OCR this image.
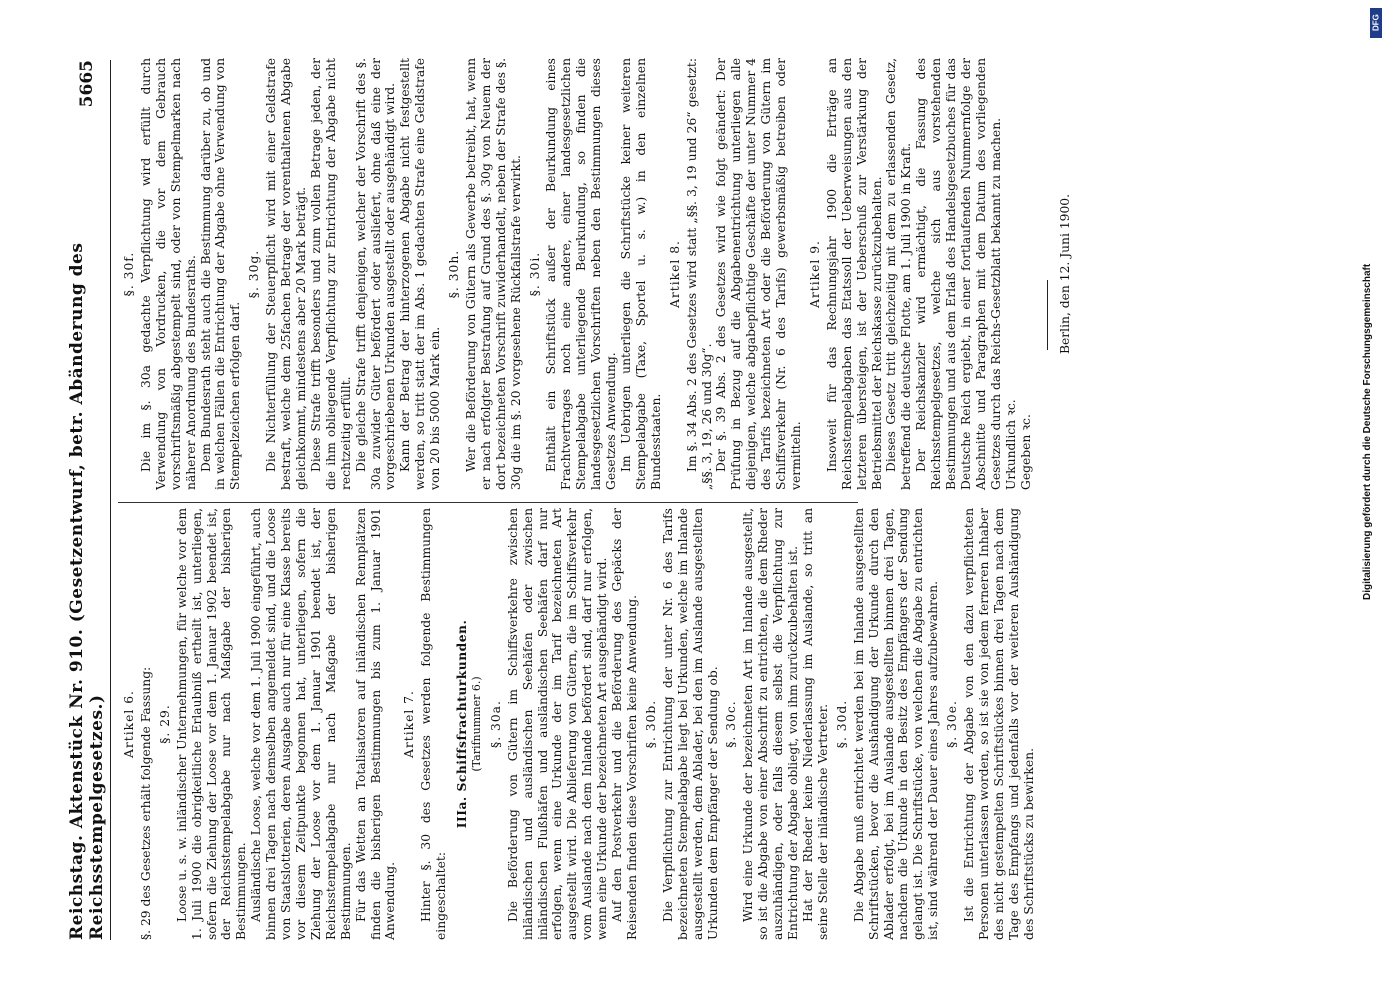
Reichstag. Aktenstück Nr. 910. (Gesetzentwurf, betr. Abänderung des Reichsstempelgesetzes.)
5665

Artikel 6. §. 29 des Gesetzes erhält folgende Fassung: §. 29. Loose u. s. w. inländischer Unternehmungen, für welche vor dem 1. Juli 1900 die obrigkeitliche Erlaubniß ertheilt ist, unterliegen, sofern die Ziehung der Loose vor dem 1. Januar 1902 beendet ist, der Reichsstempelabgabe nur nach Maßgabe der bisherigen Bestimmungen. Ausländische Loose, welche vor dem 1. Juli 1900 eingeführt, auch binnen drei Tagen nach demselben angemeldet sind, und die Loose von Staatslotterien, deren Ausgabe auch nur für eine Klasse bereits vor diesem Zeitpunkte begonnen hat, unterliegen, sofern die Ziehung der Loose vor dem 1. Januar 1901 beendet ist, der Reichsstempelabgabe nur nach Maßgabe der bisherigen Bestimmungen. Für das Wetten an Totalisatoren auf inländischen Rennplätzen finden die bisherigen Bestimmungen bis zum 1. Januar 1901 Anwendung.

Artikel 7. Hinter §. 30 des Gesetzes werden folgende Bestimmungen eingeschaltet:

IIIa. Schiffsfrachturkunden. (Tarifnummer 6.) §. 30a. Die Beförderung von Gütern im Schiffsverkehre zwischen inländischen und ausländischen Seehäfen oder zwischen inländischen Flußhäfen und ausländischen Seehäfen darf nur erfolgen, wenn eine Urkunde der im Tarif bezeichneten Art ausgestellt wird. Die Ablieferung von Gütern, die im Schiffsverkehr vom Auslande nach dem Inlande befördert sind, darf nur erfolgen, wenn eine Urkunde der bezeichneten Art ausgehändigt wird. Auf den Postverkehr und die Beförderung des Gepäcks der Reisenden finden diese Vorschriften keine Anwendung. §. 30b. Die Verpflichtung zur Entrichtung der unter Nr. 6 des Tarifs bezeichneten Stempelabgabe liegt bei Urkunden, welche im Inlande ausgestellt werden, dem Ablader, bei den im Auslande ausgestellten Urkunden dem Empfänger der Sendung ob. §. 30c. Wird eine Urkunde der bezeichneten Art im Inlande ausgestellt, so ist die Abgabe von einer Abschrift zu entrichten, die dem Rheder auszuhändigen, oder falls diesem selbst die Verpflichtung zur Entrichtung der Abgabe obliegt, von ihm zurückzubehalten ist. Hat der Rheder keine Niederlassung im Auslande, so tritt an seine Stelle der inländische Vertreter. §. 30d. Die Abgabe muß entrichtet werden bei im Inlande ausgestellten Schriftstücken, bevor die Aushändigung der Urkunde durch den Ablader erfolgt, bei im Auslande ausgestellten binnen drei Tagen, nachdem die Urkunde in den Besitz des Empfängers der Sendung gelangt ist. Die Schriftstücke, von welchen die Abgabe zu entrichten ist, sind während der Dauer eines Jahres aufzubewahren. §. 30e. Ist die Entrichtung der Abgabe von den dazu verpflichteten Personen unterlassen worden, so ist sie von jedem ferneren Inhaber des nicht gestempelten Schriftstückes binnen drei Tagen nach dem Tage des Empfangs und jedenfalls vor der weiteren Aushändigung des Schriftstücks zu bewirken.

§. 30f. Die im §. 30a gedachte Verpflichtung wird erfüllt durch Verwendung von Vordrucken, die vor dem Gebrauch vorschriftsmäßig abgestempelt sind, oder von Stempelmarken nach näherer Anordnung des Bundesraths. Dem Bundesrath steht auch die Bestimmung darüber zu, ob und in welchen Fällen die Entrichtung der Abgabe ohne Verwendung von Stempelzeichen erfolgen darf.

§. 30g. Die Nichterfüllung der Steuerpflicht wird mit einer Geldstrafe bestraft, welche dem 25fachen Betrage der vorenthaltenen Abgabe gleichkommt, mindestens aber 20 Mark beträgt. Diese Strafe trifft besonders und zum vollen Betrage jeden, der die ihm obliegende Verpflichtung zur Entrichtung der Abgabe nicht rechtzeitig erfüllt. Die gleiche Strafe trifft denjenigen, welcher der Vorschrift des §. 30a zuwider Güter befördert oder ausliefert, ohne daß eine der vorgeschriebenen Urkunden ausgestellt oder ausgehändigt wird. Kann der Betrag der hinterzogenen Abgabe nicht festgestellt werden, so tritt statt der im Abs. 1 gedachten Strafe eine Geldstrafe von 20 bis 5000 Mark ein.

§. 30h. Wer die Beförderung von Gütern als Gewerbe betreibt, hat, wenn er nach erfolgter Bestrafung auf Grund des §. 30g von Neuem der dort bezeichneten Vorschrift zuwiderhandelt, neben der Strafe des §. 30g die im §. 20 vorgesehene Rückfallstrafe verwirkt. §. 30i. Enthält ein Schriftstück außer der Beurkundung eines Frachtvertrages noch eine andere, einer landesgesetzlichen Stempelabgabe unterliegende Beurkundung, so finden die landesgesetzlichen Vorschriften neben den Bestimmungen dieses Gesetzes Anwendung. Im Uebrigen unterliegen die Schriftstücke keiner weiteren Stempelabgabe (Taxe, Sportel u. s. w.) in den einzelnen Bundesstaaten.

Artikel 8. Im §. 34 Abs. 2 des Gesetzes wird statt „§§. 3, 19 und 26“ gesetzt: „§§. 3, 19, 26 und 30g“. Der §. 39 Abs. 2 des Gesetzes wird wie folgt geändert: Der Prüfung in Bezug auf die Abgabenentrichtung unterliegen alle diejenigen, welche abgabepflichtige Geschäfte der unter Nummer 4 des Tarifs bezeichneten Art oder die Beförderung von Gütern im Schiffsverkehr (Nr. 6 des Tarifs) gewerbsmäßig betreiben oder vermitteln.

Artikel 9. Insoweit für das Rechnungsjahr 1900 die Erträge an Reichsstempelabgaben das Etatssoll der Ueberweisungen aus den letzteren übersteigen, ist der Ueberschuß zur Verstärkung der Betriebsmittel der Reichskasse zurückzubehalten. Dieses Gesetz tritt gleichzeitig mit dem zu erlassenden Gesetz, betreffend die deutsche Flotte, am 1. Juli 1900 in Kraft. Der Reichskanzler wird ermächtigt, die Fassung des Reichsstempelgesetzes, welche sich aus vorstehenden Bestimmungen und aus dem Erlaß des Handelsgesetzbuches für das Deutsche Reich ergiebt, in einer fortlaufenden Nummernfolge der Abschnitte und Paragraphen mit dem Datum des vorliegenden Gesetzes durch das Reichs-Gesetzblatt bekannt zu machen. Urkundlich ꝛc. Gegeben ꝛc.

Berlin, den 12. Juni 1900.

DFG
Digitalisierung gefördert durch die Deutsche Forschungsgemeinschaft
